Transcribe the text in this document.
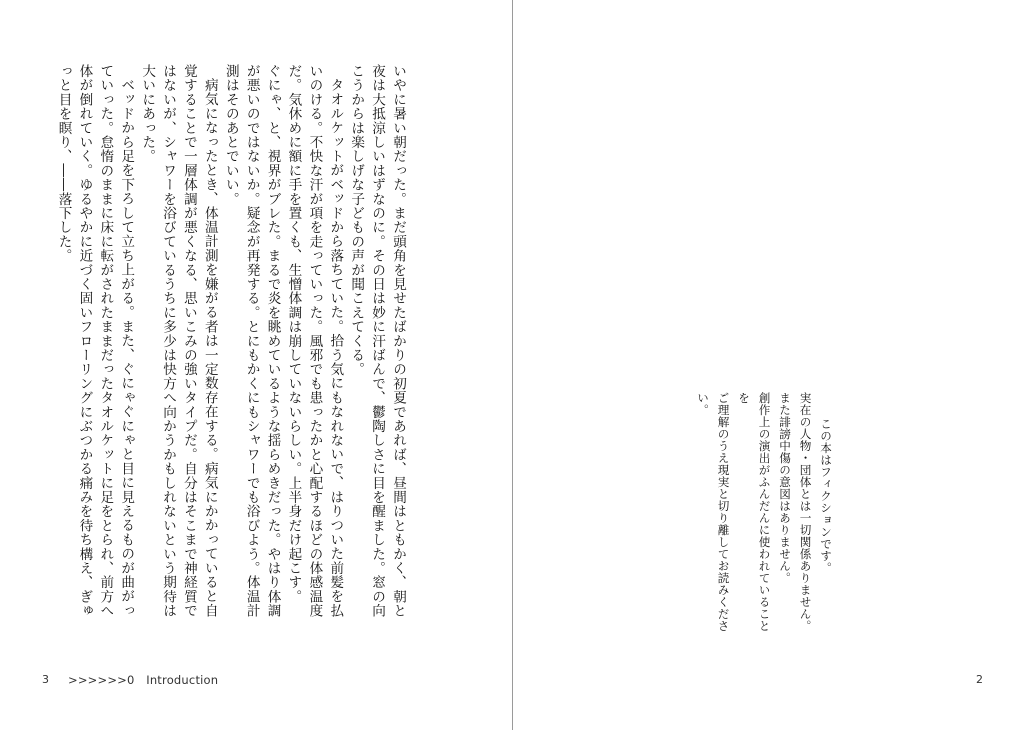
いやに暑い朝だった。まだ頭角を見せたばかりの初夏であれば、昼間はともかく、朝と夜は大抵涼しいはずなのに。その日は妙に汗ばんで、鬱陶しさに目を醒ました。窓の向こうからは楽しげな子どもの声が聞こえてくる。

タオルケットがベッドから落ちていた。拾う気にもなれないで、はりついた前髪を払いのける。不快な汗が項を走っていった。風邪でも患ったかと心配するほどの体感温度だ。気休めに額に手を置くも、生憎体調は崩していないらしい。上半身だけ起こす。

ぐにゃ、と、視界がブレた。まるで炎を眺めているような揺らめきだった。やはり体調が悪いのではないか。疑念が再発する。とにもかくにもシャワーでも浴びよう。体温計測はそのあとでいい。

病気になったとき、体温計測を嫌がる者は一定数存在する。病気にかかっていると自覚することで一層体調が悪くなる、思いこみの強いタイプだ。自分はそこまで神経質ではないが、シャワーを浴びているうちに多少は快方へ向かうかもしれないという期待は大いにあった。

ベッドから足を下ろして立ち上がる。また、ぐにゃぐにゃと目に見えるものが曲がっていった。怠惰のままに床に転がされたままだったタオルケットに足をとられ、前方へ体が倒れていく。ゆるやかに近づく固いフローリングにぶつかる痛みを待ち構え、ぎゅっと目を瞑り、――落下した。

この本はフィクションです。

実在の人物・団体とは一切関係ありません。

また誹謗中傷の意図はありません。

創作上の演出がふんだんに使われていることを

ご理解のうえ現実と切り離してお読みください。

3 >>>>>>0　Introduction	2
